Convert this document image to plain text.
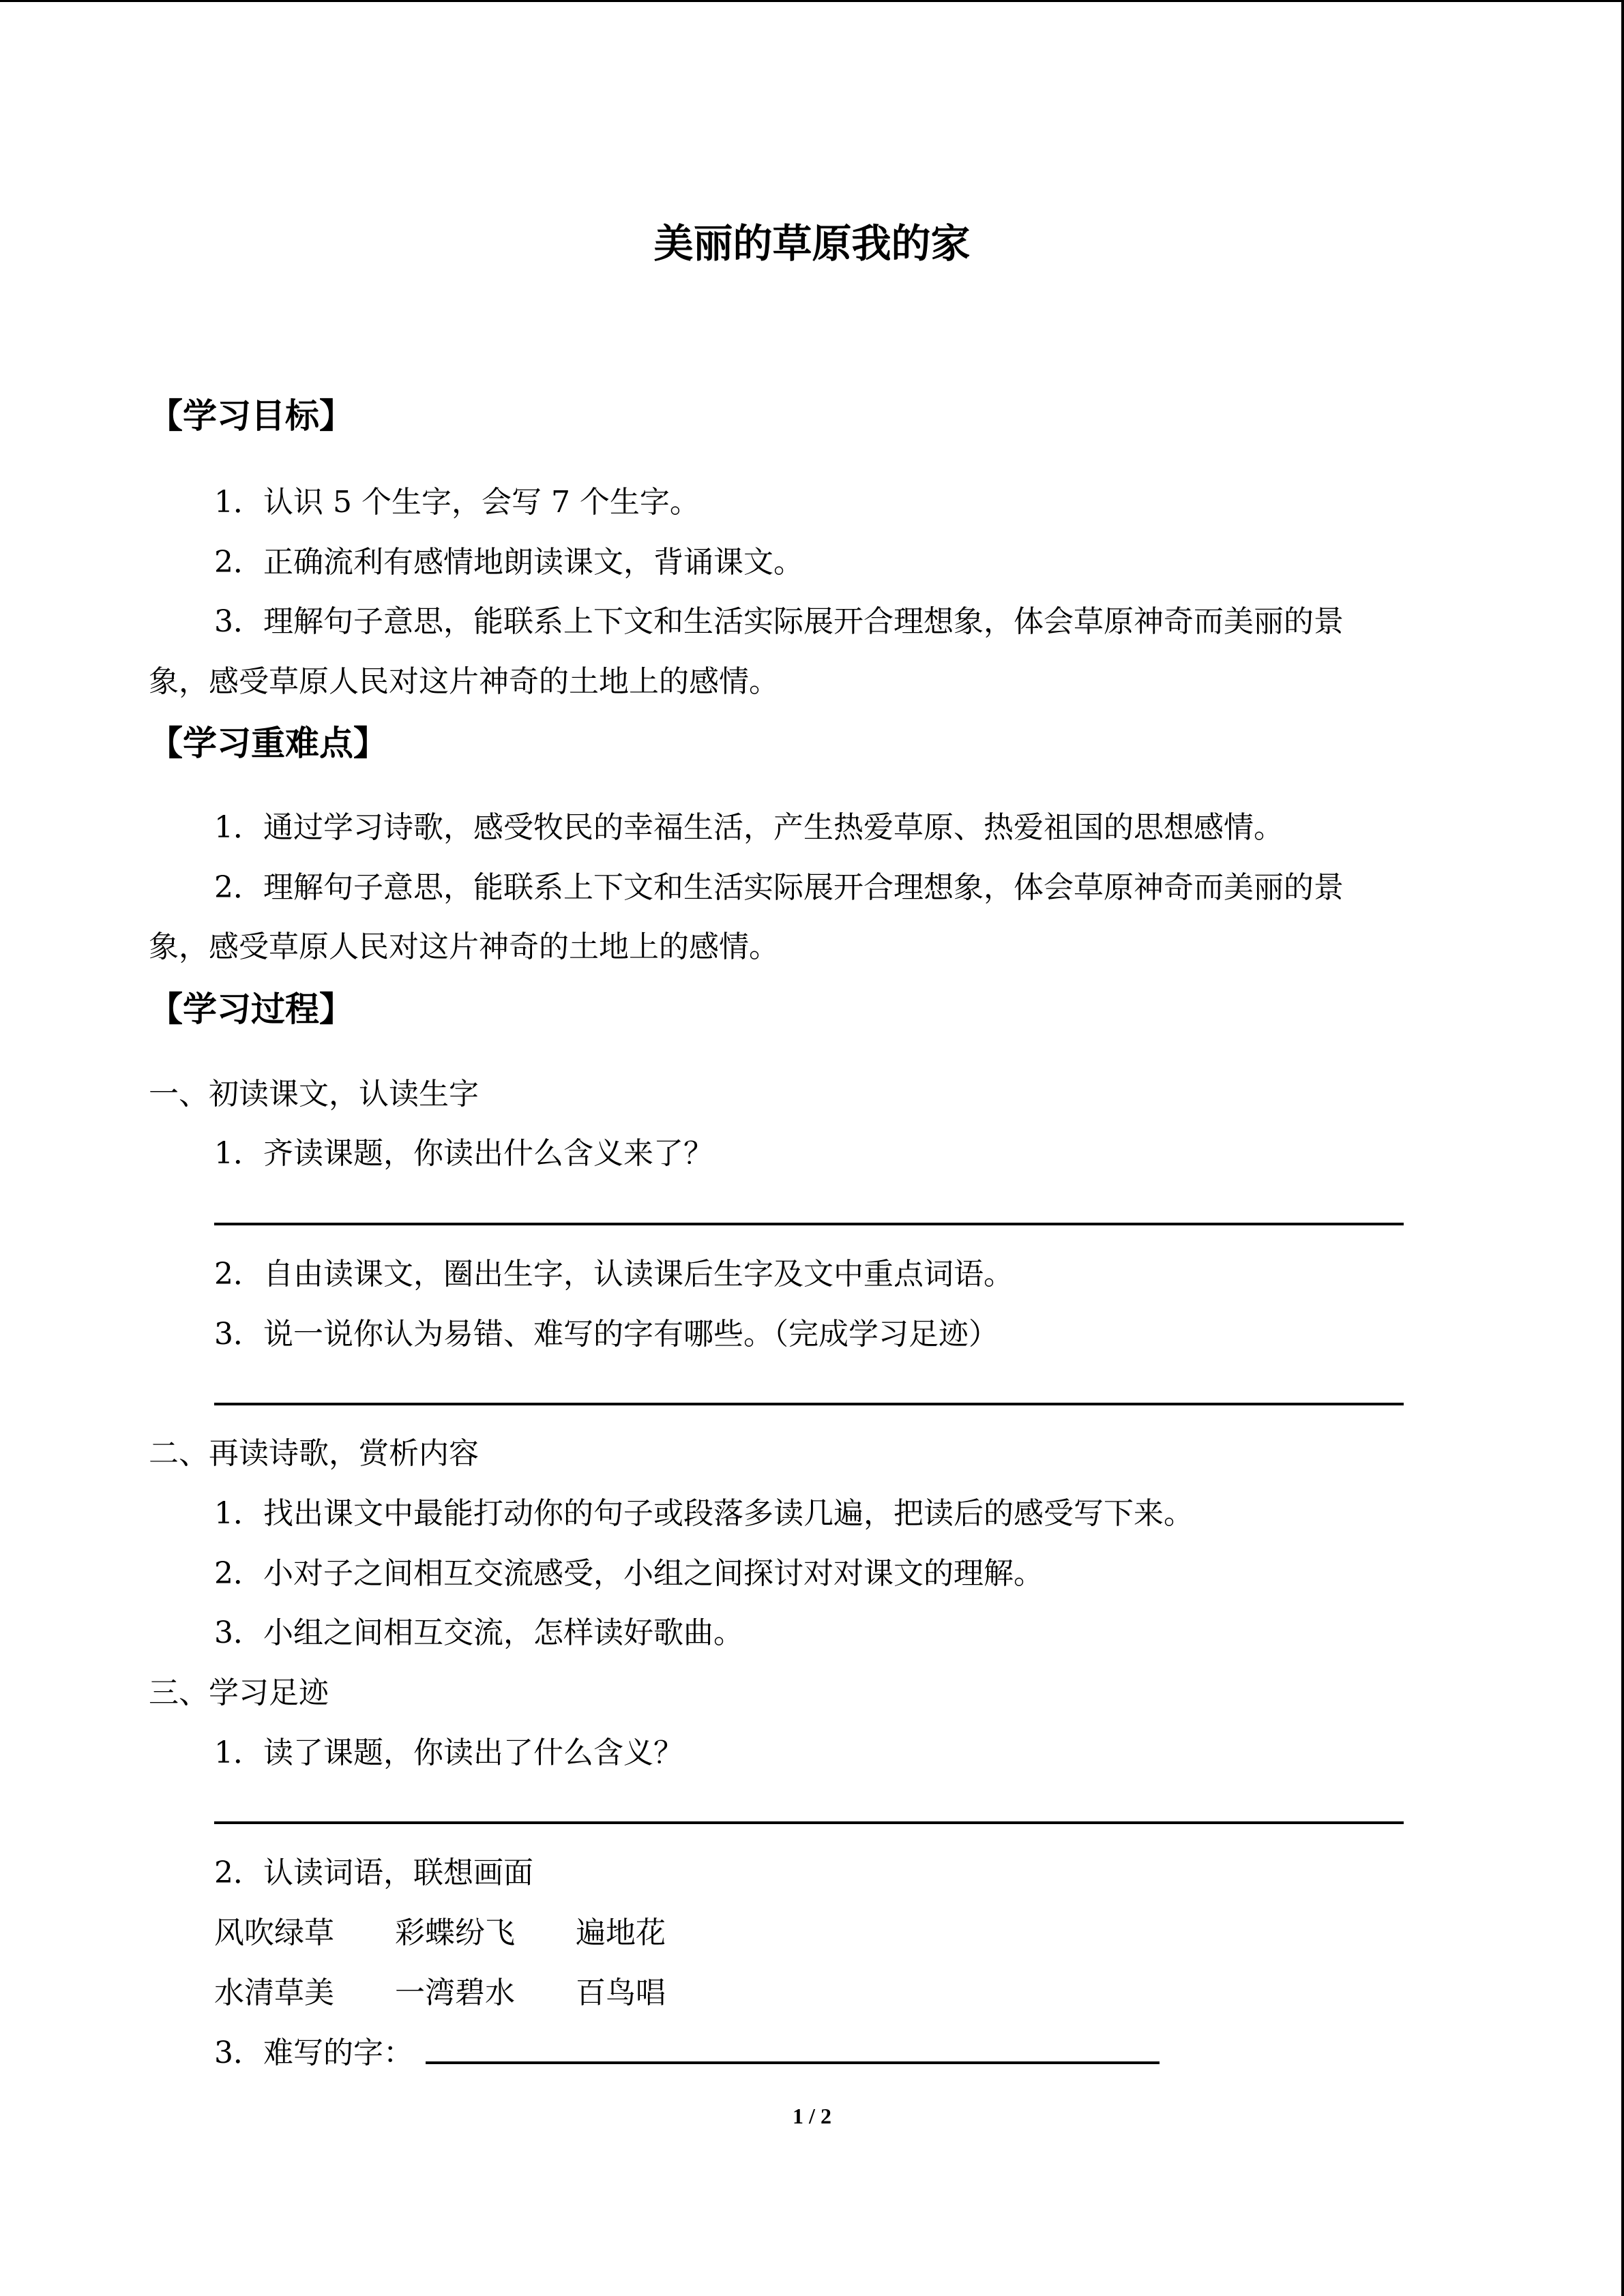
美丽的草原我的家
【学习目标】
1．认识 5 个生字，会写 7 个生字。
2．正确流利有感情地朗读课文，背诵课文。
3．理解句子意思，能联系上下文和生活实际展开合理想象，体会草原神奇而美丽的景
象，感受草原人民对这片神奇的土地上的感情。
【学习重难点】
1．通过学习诗歌，感受牧民的幸福生活，产生热爱草原、热爱祖国的思想感情。
2．理解句子意思，能联系上下文和生活实际展开合理想象，体会草原神奇而美丽的景
象，感受草原人民对这片神奇的土地上的感情。
【学习过程】
一、初读课文，认读生字
1．齐读课题，你读出什么含义来了？
2．自由读课文，圈出生字，认读课后生字及文中重点词语。
3．说一说你认为易错、难写的字有哪些。（完成学习足迹）
二、再读诗歌，赏析内容
1．找出课文中最能打动你的句子或段落多读几遍，把读后的感受写下来。
2．小对子之间相互交流感受，小组之间探讨对对课文的理解。
3．小组之间相互交流，怎样读好歌曲。
三、学习足迹
1．读了课题，你读出了什么含义？
2．认读词语，联想画面
风吹绿草 彩蝶纷飞 遍地花
水清草美 一湾碧水 百鸟唱
3．难写的字：
1 / 2
